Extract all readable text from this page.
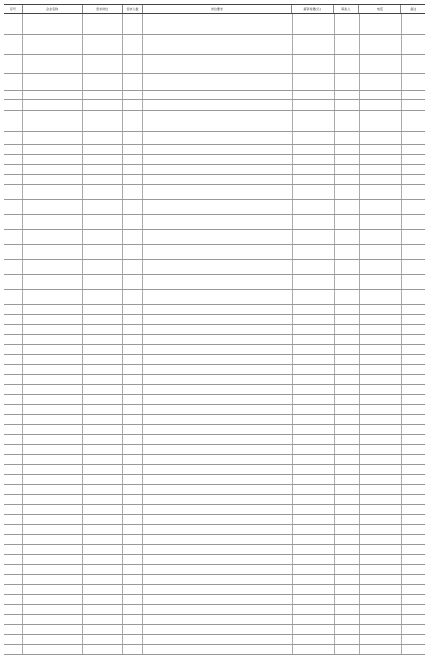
序号	企业名称	需求岗位	需求人数	岗位要求	薪资待遇(元)	联系人	电话	备注
